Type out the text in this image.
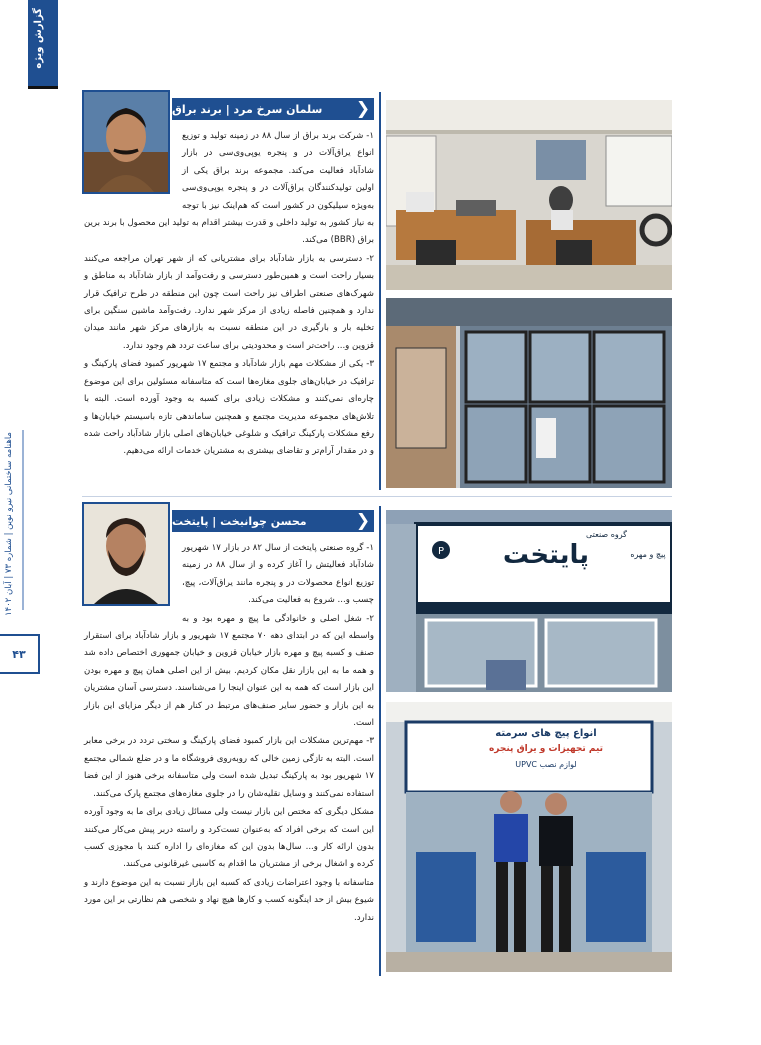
گزارش ویژه
ماهنامه ساختمانی نیرو نوین | شماره ۷۳ | آبان ۱۴۰۲
۴۳
سلمان سرخ مرد | برند براق ❯

۱- شرکت برند براق از سال ۸۸ در زمینه تولید و توزیع انواع یراق‌آلات در و پنجره یو‌پی‌وی‌سی در بازار شادآباد فعالیت می‌کند. مجموعه برند براق یکی از اولین تولیدکنندگان یراق‌آلات در و پنجره یو‌پی‌وی‌سی به‌ویژه سیلیکون در کشور است که هم‌اینک نیز با توجه به نیاز کشور به تولید داخلی و قدرت بیشتر اقدام به تولید این محصول با برند برین براق (BBR) می‌کند.

۲- دسترسی به بازار شادآباد برای مشتریانی که از شهر تهران مراجعه می‌کنند بسیار راحت است و همین‌طور دسترسی و رفت‌وآمد از بازار شادآباد به مناطق و شهرک‌های صنعتی اطراف نیز راحت است چون این منطقه در طرح ترافیک قرار ندارد و همچنین فاصله زیادی از مرکز شهر ندارد. رفت‌وآمد ماشین سنگین برای تخلیه بار و بارگیری در این منطقه نسبت به بازارهای مرکز شهر مانند میدان قزوین و... راحت‌تر است و محدودیتی برای ساعت تردد هم وجود ندارد.

۳- یکی از مشکلات مهم بازار شادآباد و مجتمع ۱۷ شهریور کمبود فضای پارکینگ و ترافیک در خیابان‌های جلوی مغازه‌ها است که متاسفانه مسئولین برای این موضوع چاره‌ای نمی‌کنند و مشکلات زیادی برای کسبه به وجود آورده است. البته با تلاش‌های مجموعه مدیریت مجتمع و همچنین ساماندهی تازه باسیستم خیابان‌ها و رفع مشکلات پارکینگ ترافیک و شلوغی خیابان‌های اصلی بازار شادآباد راحت شده و در مقدار آرام‌تر و تقاضای بیشتری به مشتریان خدمات ارائه می‌دهیم.

محسن چوانبخت | پایتخت	❯

۱- گروه صنعتی پایتخت از سال ۸۲ در بازار ۱۷ شهریور شادآباد فعالیتش را آغاز کرده و از سال ۸۸ در زمینه توزیع انواع محصولات در و پنجره مانند یراق‌آلات، پیچ، چسب و... شروع به فعالیت می‌کند.

۲- شغل اصلی و خانوادگی ما پیچ و مهره بود و به واسطه این که در ابتدای دهه ۷۰ مجتمع ۱۷ شهریور و بازار شادآباد برای استقرار صنف و کسبه پیچ و مهره بازار خیابان قزوین و خیابان جمهوری اختصاص داده شد و همه ما به این بازار نقل مکان کردیم. بیش از این اصلی همان پیچ و مهره بودن این بازار است که همه به این عنوان اینجا را می‌شناسند. دسترسی آسان مشتریان به این بازار و حضور سایر صنف‌های مرتبط در کنار هم از دیگر مزایای این بازار است.

۳- مهم‌ترین مشکلات این بازار کمبود فضای پارکینگ و سختی تردد در برخی معابر است. البته به تازگی زمین خالی که روبه‌روی فروشگاه ما و در ضلع شمالی مجتمع ۱۷ شهریور بود به پارکینگ تبدیل شده است ولی متاسفانه برخی هنوز از این فضا استفاده نمی‌کنند و وسایل نقلیه‌شان را در جلوی مغازه‌های مجتمع پارک می‌کنند.

مشکل دیگری که مختص این بازار نیست ولی مسائل زیادی برای ما به وجود آورده این است که برخی افراد که به‌عنوان تست‌کرد و راسته دربر پیش می‌کار می‌کنند بدون ارائه کار و... سال‌ها بدون این که مغازه‌ای را اداره کنند با مجوزی کسب کرده و اشغال برخی از مشتریان ما اقدام به کاسبی غیرقانونی می‌کنند.

متاسفانه با وجود اعتراضات زیادی که کسبه این بازار نسبت به این موضوع دارند و شیوع بیش از حد اینگونه کسب و کارها هیچ نهاد و شخصی هم نظارتی بر این مورد ندارد.

P
گروه صنعتی
پایتخت	پیچ و مهره
انواع پیچ های سرمته
تیم تجهیزات و یراق پنجره
لوازم نصب UPVC
